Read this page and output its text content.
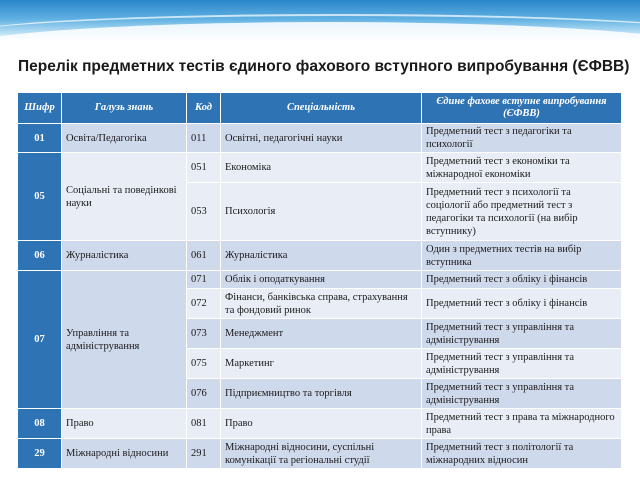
Перелік предметних тестів єдиного фахового вступного випробування (ЄФВВ)
Шифр	Галузь знань	Код	Спеціальність	Єдине фахове вступне випробування (ЄФВВ)
01	Освіта/Педагогіка	011	Освітні, педагогічні науки	Предметний тест з педагогіки та психології
05	Соціальні та поведінкові науки	051	Економіка	Предметний тест з економіки та міжнародної економіки
		053	Психологія	Предметний тест з психології та соціології або предметний тест з педагогіки та психології (на вибір вступнику)
06	Журналістика	061	Журналістика	Один з предметних тестів на вибір вступника
07	Управління та адміністрування	071	Облік і оподаткування	Предметний тест з обліку і фінансів
		072	Фінанси, банківська справа, страхування та фондовий ринок	Предметний тест з обліку і фінансів
		073	Менеджмент	Предметний тест з управління та адміністрування
		075	Маркетинг	Предметний тест з управління та адміністрування
		076	Підприємництво та торгівля	Предметний тест з управління та адміністрування
08	Право	081	Право	Предметний тест з права та міжнародного права
29	Міжнародні відносини	291	Міжнародні відносини, суспільні комунікації та регіональні студії	Предметний тест з політології та міжнародних відносин
